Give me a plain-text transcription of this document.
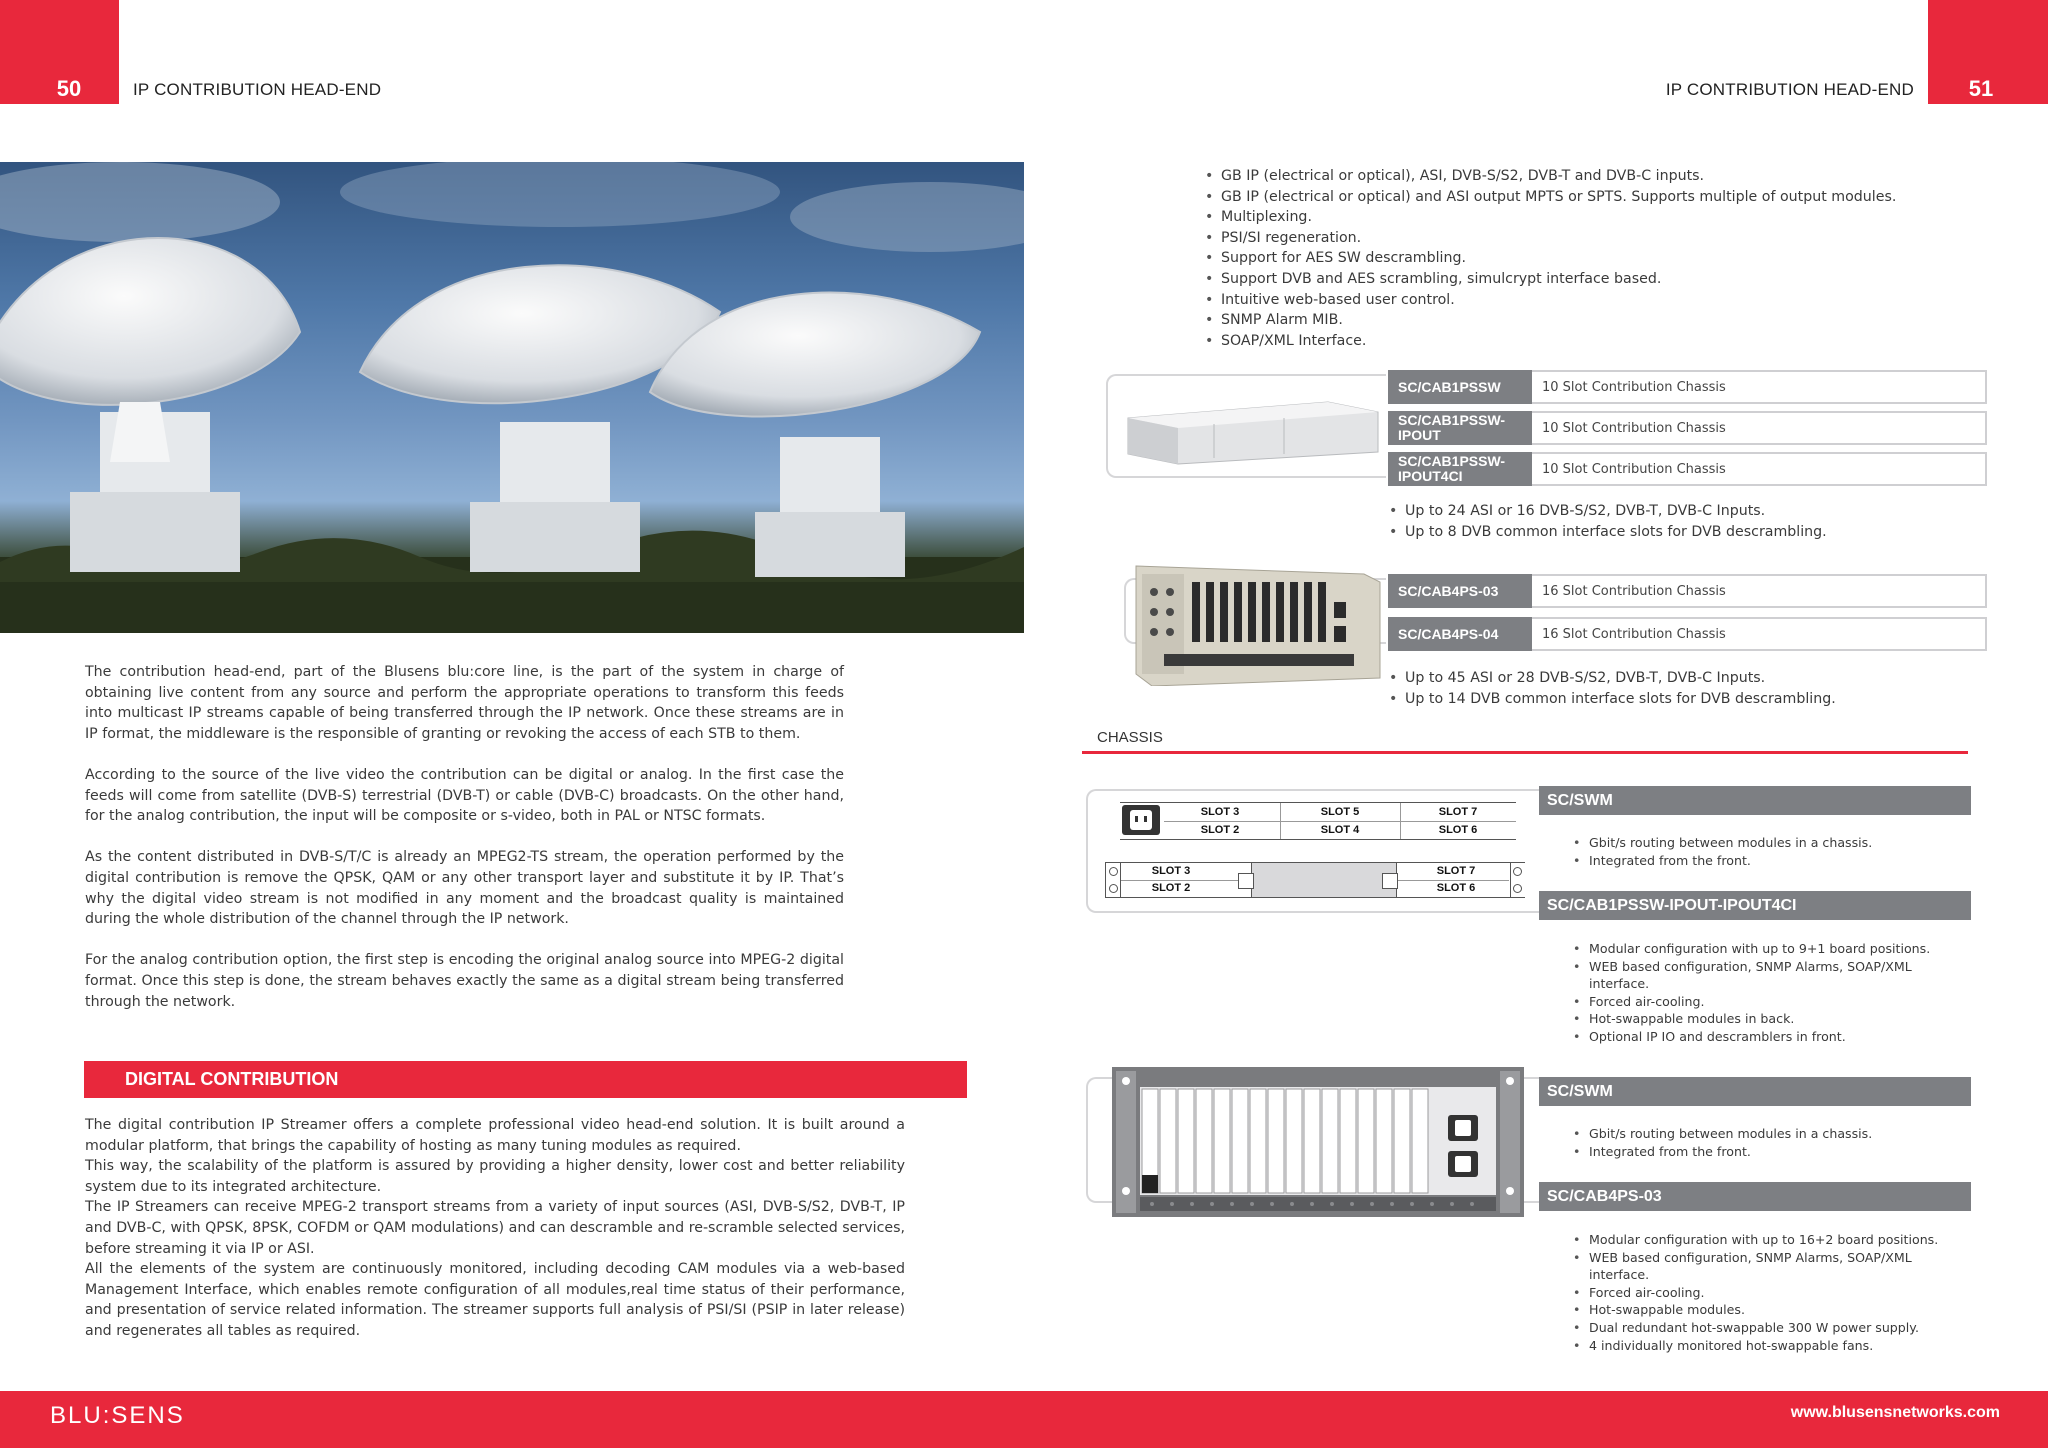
50	IP CONTRIBUTION HEAD-END	51
IP CONTRIBUTION HEAD-END

The contribution head-end, part of the Blusens blu:core line, is the part of the system in charge of obtaining live content from any source and perform the appropriate operations to transform this feeds into multicast IP streams capable of being transferred through the IP network. Once these streams are in IP format, the middleware is the responsible of granting or revoking the access of each STB to them.

According to the source of the live video the contribution can be digital or analog. In the first case the feeds will come from satellite (DVB-S) terrestrial (DVB-T) or cable (DVB-C) broadcasts. On the other hand, for the analog contribution, the input will be composite or s-video, both in PAL or NTSC formats.

As the content distributed in DVB-S/T/C is already an MPEG2-TS stream, the operation performed by the digital contribution is remove the QPSK, QAM or any other transport layer and substitute it by IP. That’s why the digital video stream is not modified in any moment and the broadcast quality is maintained during the whole distribution of the channel through the IP network.

For the analog contribution option, the first step is encoding the original analog source into MPEG-2 digital format. Once this step is done, the stream behaves exactly the same as a digital stream being transferred through the network.

DIGITAL CONTRIBUTION

The digital contribution IP Streamer offers a complete professional video head-end solution. It is built around a modular platform, that brings the capability of hosting as many tuning modules as required.

This way, the scalability of the platform is assured by providing a higher density, lower cost and better reliability system due to its integrated architecture.

The IP Streamers can receive MPEG-2 transport streams from a variety of input sources (ASI, DVB-S/S2, DVB-T, IP and DVB-C, with QPSK, 8PSK, COFDM or QAM modulations) and can descramble and re-scramble selected services, before streaming it via IP or ASI.

All the elements of the system are continuously monitored, including decoding CAM modules via a web-based Management Interface, which enables remote configuration of all modules,real time status of their performance, and presentation of service related information. The streamer supports full analysis of PSI/SI (PSIP in later release) and regenerates all tables as required.

• GB IP (electrical or optical), ASI, DVB-S/S2, DVB-T and DVB-C inputs.
• GB IP (electrical or optical) and ASI output MPTS or SPTS. Supports multiple of output modules.
• Multiplexing.
• PSI/SI regeneration.
• Support for AES SW descrambling.
• Support DVB and AES scrambling, simulcrypt interface based.
• Intuitive web-based user control.
• SNMP Alarm MIB.
• SOAP/XML Interface.
SC/CAB1PSSW	10 Slot Contribution Chassis
SC/CAB1PSSW-IPOUT	10 Slot Contribution Chassis
SC/CAB1PSSW-IPOUT4CI	10 Slot Contribution Chassis
• Up to 24 ASI or 16 DVB-S/S2, DVB-T, DVB-C Inputs.
• Up to 8 DVB common interface slots for DVB descrambling.
SC/CAB4PS-03	16 Slot Contribution Chassis
SC/CAB4PS-04	16 Slot Contribution Chassis
• Up to 45 ASI or 28 DVB-S/S2, DVB-T, DVB-C Inputs.
• Up to 14 DVB common interface slots for DVB descrambling.
CHASSIS
SLOT 3	SLOT 5	SLOT 7
SLOT 2	SLOT 4	SLOT 6
SLOT 3
SLOT 2
SLOT 7
SLOT 6
SC/SWM
• Gbit/s routing between modules in a chassis.
• Integrated from the front.
SC/CAB1PSSW-IPOUT-IPOUT4CI
• Modular configuration with up to 9+1 board positions.
• WEB based configuration, SNMP Alarms, SOAP/XML interface.
• Forced air-cooling.
• Hot-swappable modules in back.
• Optional IP IO and descramblers in front.
SC/SWM
• Gbit/s routing between modules in a chassis.
• Integrated from the front.
SC/CAB4PS-03
• Modular configuration with up to 16+2 board positions.
• WEB based configuration, SNMP Alarms, SOAP/XML interface.
• Forced air-cooling.
• Hot-swappable modules.
• Dual redundant hot-swappable 300 W power supply.
• 4 individually monitored hot-swappable fans.
BLU:SENS	www.blusensnetworks.com
